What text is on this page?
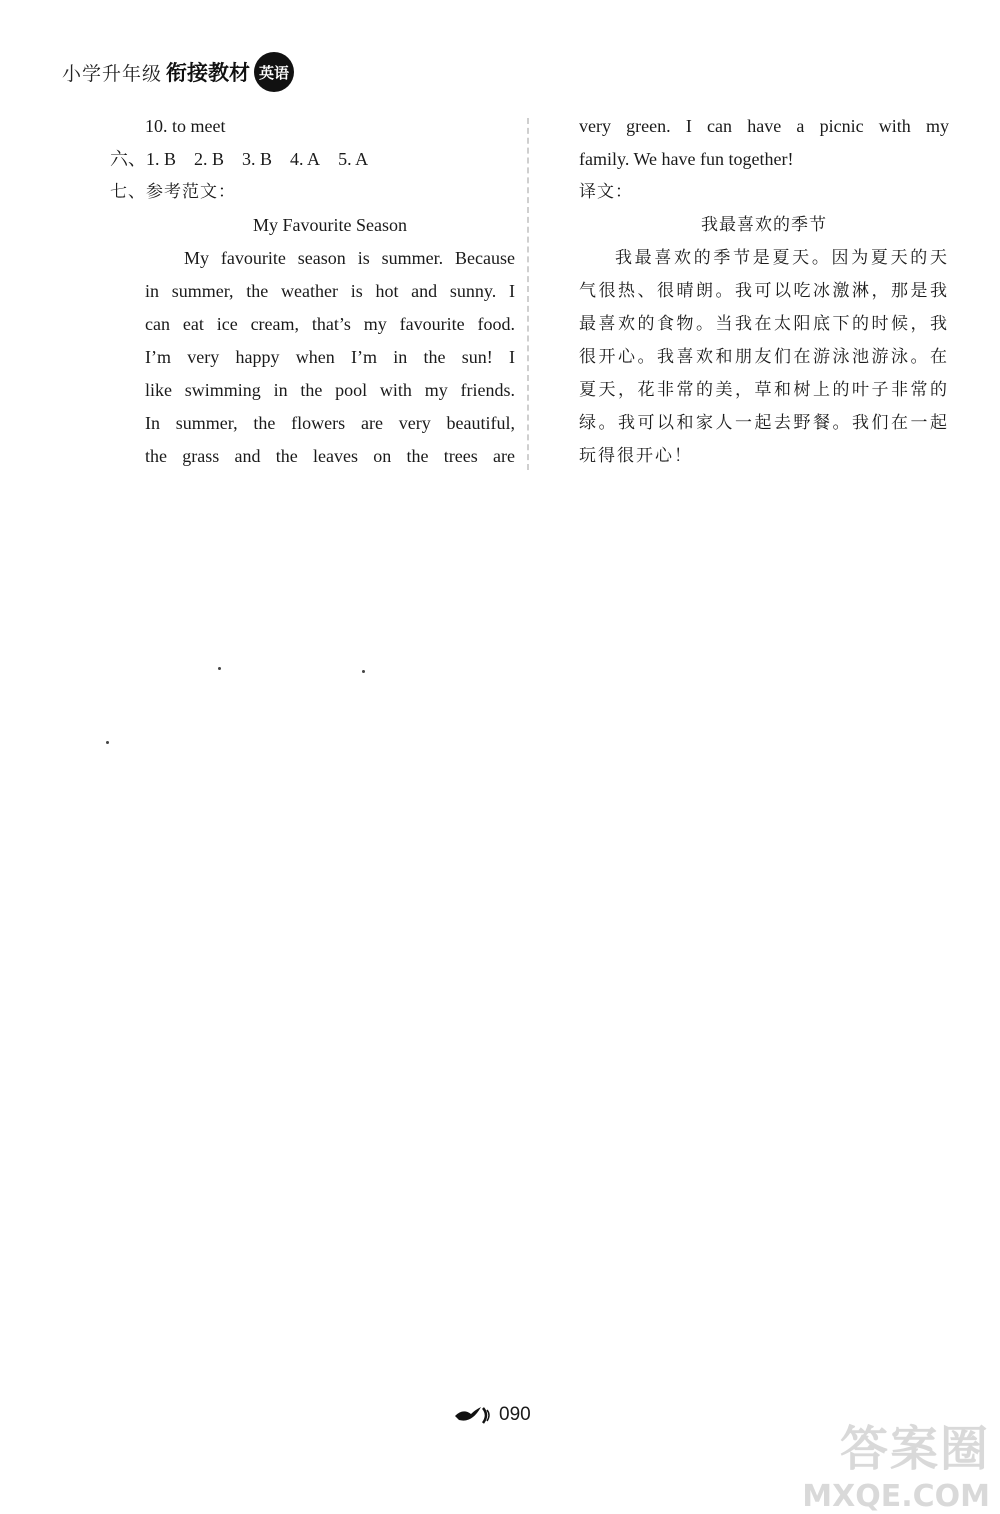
小学升年级 衔接教材 英语
10. to meet
六、1. B 2. B 3. B 4. A 5. A
七、参考范文：
My Favourite Season
My favourite season is summer. Because
in summer, the weather is hot and sunny. I
can eat ice cream, that’s my favourite food.
I’m very happy when I’m in the sun! I
like swimming in the pool with my friends.
In summer, the flowers are very beautiful,
the grass and the leaves on the trees are
very green. I can have a picnic with my
family. We have fun together!
译文：
我最喜欢的季节
我最喜欢的季节是夏天。因为夏天的天
气很热、很晴朗。我可以吃冰激淋，那是我
最喜欢的食物。当我在太阳底下的时候，我
很开心。我喜欢和朋友们在游泳池游泳。在
夏天，花非常的美，草和树上的叶子非常的
绿。我可以和家人一起去野餐。我们在一起
玩得很开心！
090
答案圈
MXQE.COM
